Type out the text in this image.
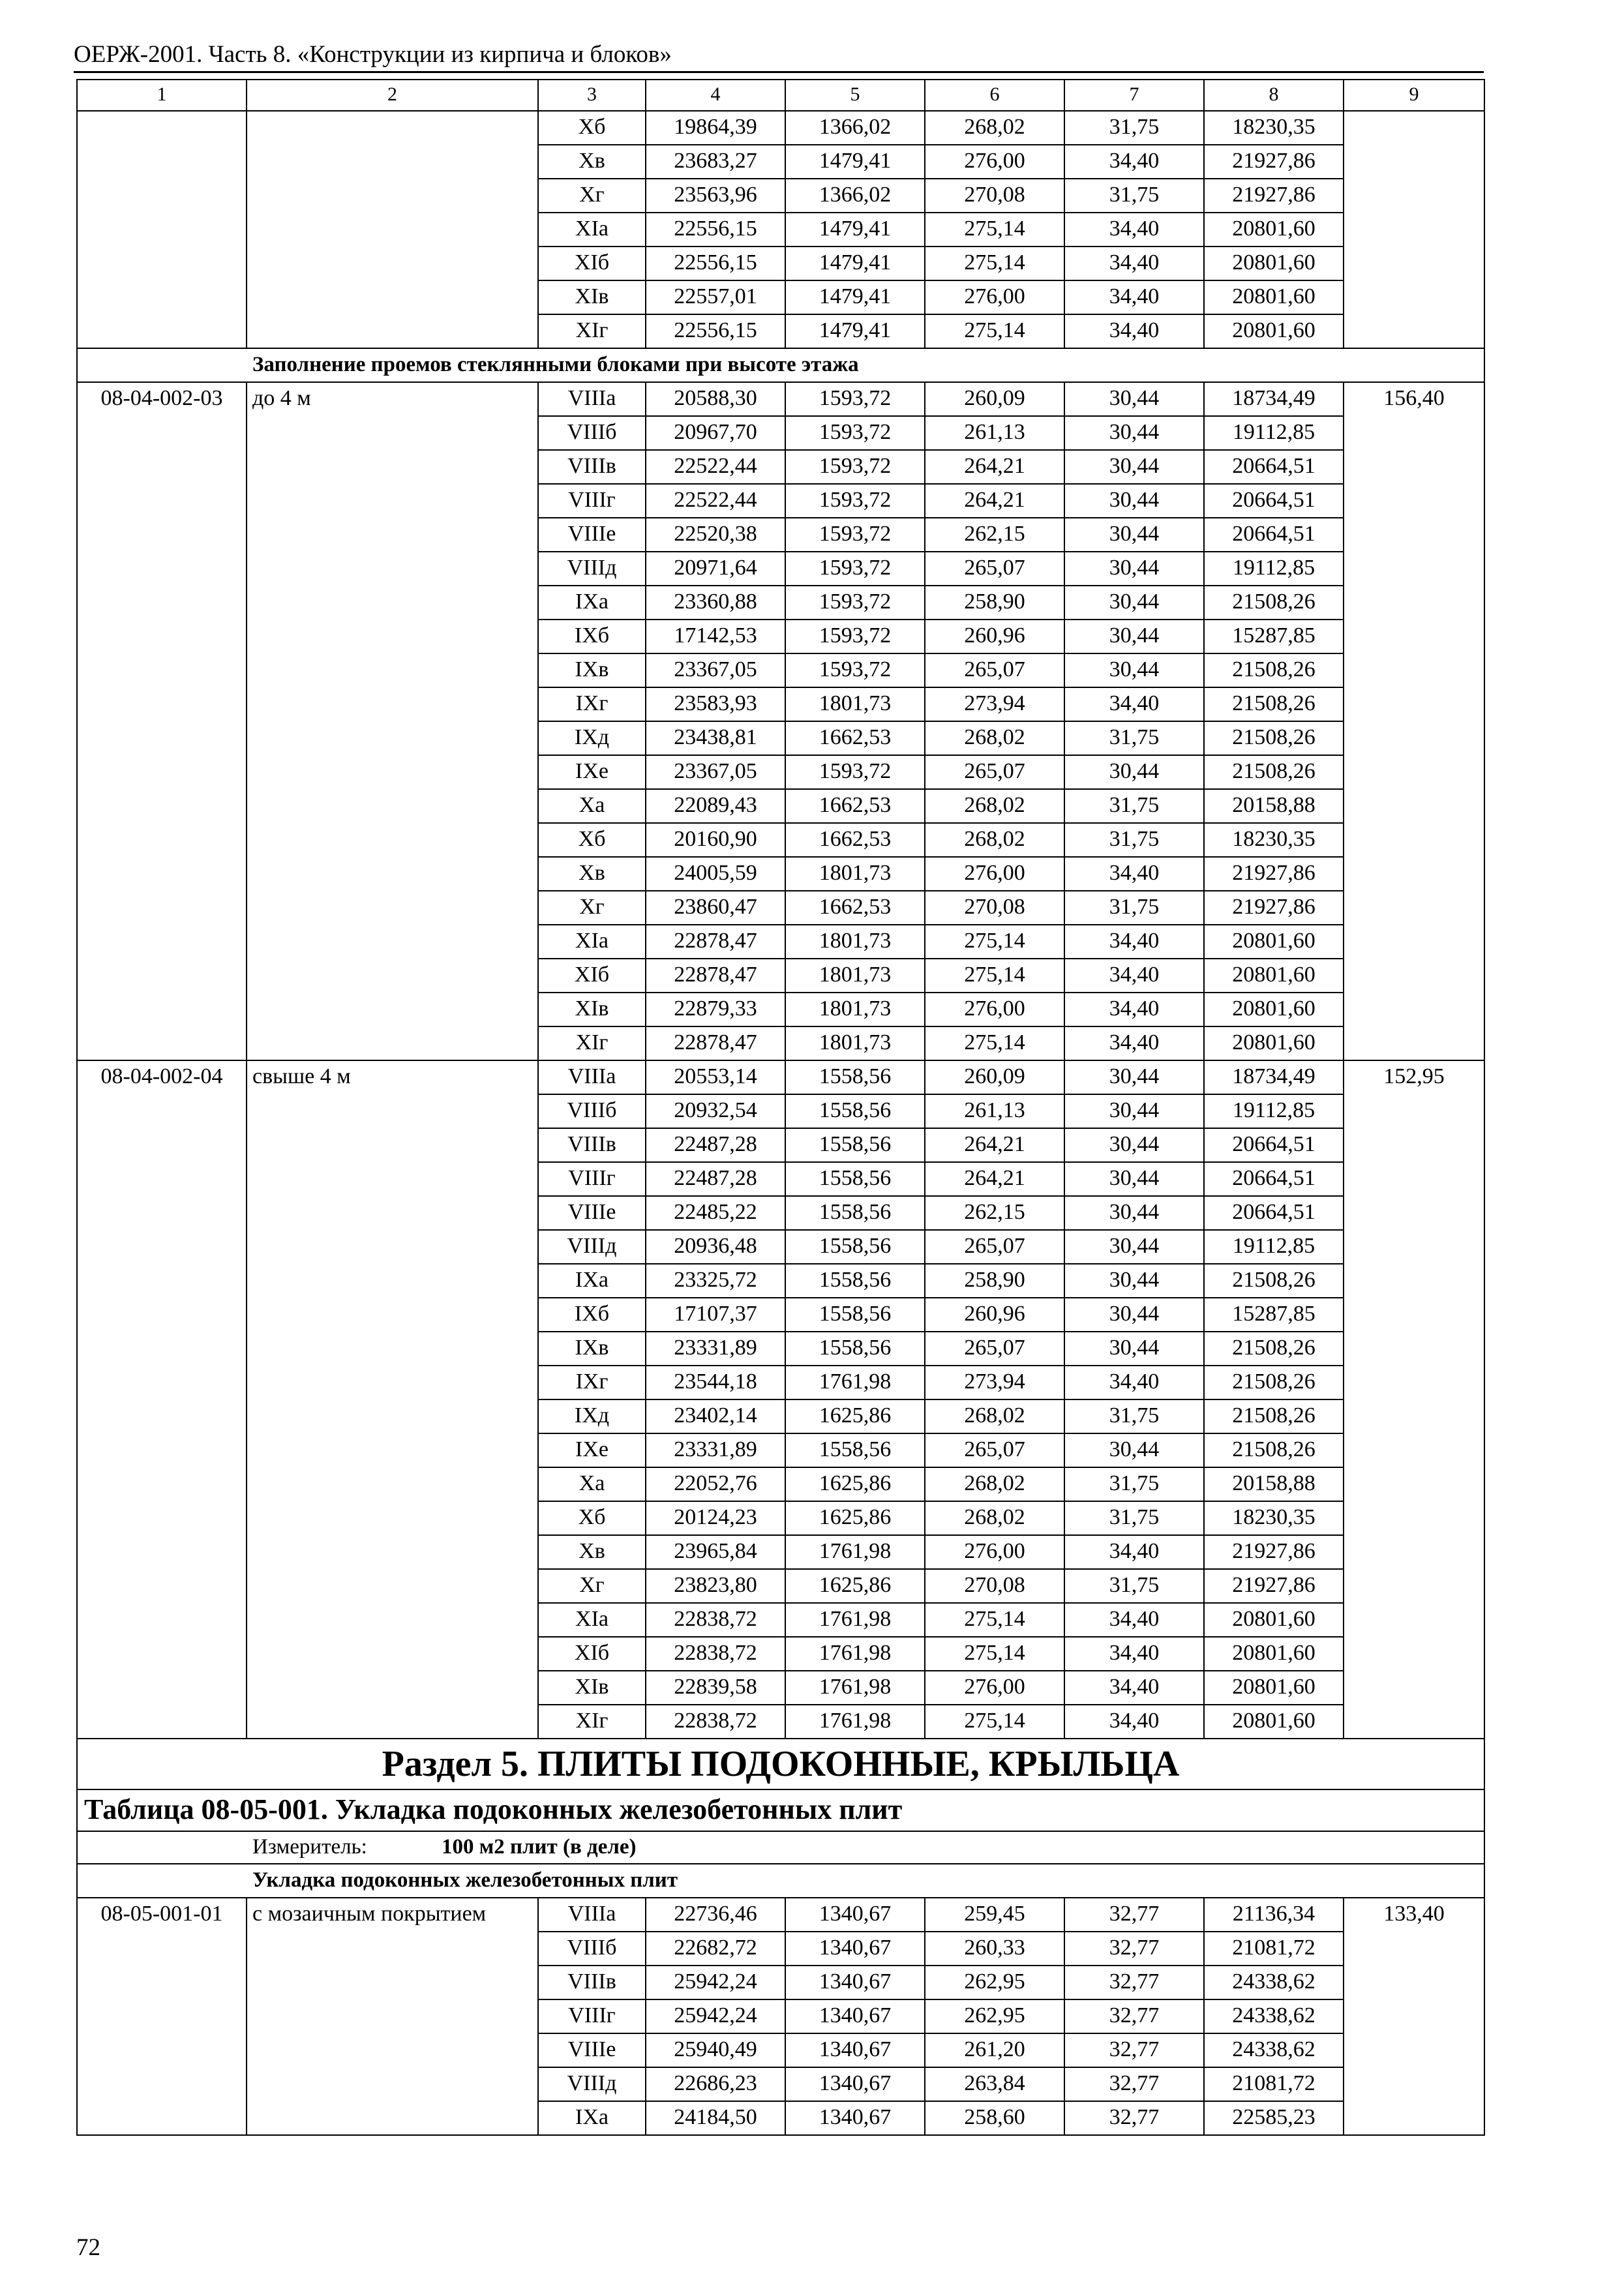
ОЕРЖ-2001. Часть 8. «Конструкции из кирпича и блоков»
1	2	3	4	5	6	7	8	9
		Xб	19864,39	1366,02	268,02	31,75	18230,35	
		Xв	23683,27	1479,41	276,00	34,40	21927,86	
		Xг	23563,96	1366,02	270,08	31,75	21927,86	
		XIа	22556,15	1479,41	275,14	34,40	20801,60	
		XIб	22556,15	1479,41	275,14	34,40	20801,60	
		XIв	22557,01	1479,41	276,00	34,40	20801,60	
		XIг	22556,15	1479,41	275,14	34,40	20801,60	
Заполнение проемов стеклянными блоками при высоте этажа								
08-04-002-03	до 4 м	VIIIа	20588,30	1593,72	260,09	30,44	18734,49	156,40
		VIIIб	20967,70	1593,72	261,13	30,44	19112,85	
		VIIIв	22522,44	1593,72	264,21	30,44	20664,51	
		VIIIг	22522,44	1593,72	264,21	30,44	20664,51	
		VIIIе	22520,38	1593,72	262,15	30,44	20664,51	
		VIIIд	20971,64	1593,72	265,07	30,44	19112,85	
		IXа	23360,88	1593,72	258,90	30,44	21508,26	
		IXб	17142,53	1593,72	260,96	30,44	15287,85	
		IXв	23367,05	1593,72	265,07	30,44	21508,26	
		IXг	23583,93	1801,73	273,94	34,40	21508,26	
		IXд	23438,81	1662,53	268,02	31,75	21508,26	
		IXе	23367,05	1593,72	265,07	30,44	21508,26	
		Xа	22089,43	1662,53	268,02	31,75	20158,88	
		Xб	20160,90	1662,53	268,02	31,75	18230,35	
		Xв	24005,59	1801,73	276,00	34,40	21927,86	
		Xг	23860,47	1662,53	270,08	31,75	21927,86	
		XIа	22878,47	1801,73	275,14	34,40	20801,60	
		XIб	22878,47	1801,73	275,14	34,40	20801,60	
		XIв	22879,33	1801,73	276,00	34,40	20801,60	
		XIг	22878,47	1801,73	275,14	34,40	20801,60	
08-04-002-04	свыше 4 м	VIIIа	20553,14	1558,56	260,09	30,44	18734,49	152,95
		VIIIб	20932,54	1558,56	261,13	30,44	19112,85	
		VIIIв	22487,28	1558,56	264,21	30,44	20664,51	
		VIIIг	22487,28	1558,56	264,21	30,44	20664,51	
		VIIIе	22485,22	1558,56	262,15	30,44	20664,51	
		VIIIд	20936,48	1558,56	265,07	30,44	19112,85	
		IXа	23325,72	1558,56	258,90	30,44	21508,26	
		IXб	17107,37	1558,56	260,96	30,44	15287,85	
		IXв	23331,89	1558,56	265,07	30,44	21508,26	
		IXг	23544,18	1761,98	273,94	34,40	21508,26	
		IXд	23402,14	1625,86	268,02	31,75	21508,26	
		IXе	23331,89	1558,56	265,07	30,44	21508,26	
		Xа	22052,76	1625,86	268,02	31,75	20158,88	
		Xб	20124,23	1625,86	268,02	31,75	18230,35	
		Xв	23965,84	1761,98	276,00	34,40	21927,86	
		Xг	23823,80	1625,86	270,08	31,75	21927,86	
		XIа	22838,72	1761,98	275,14	34,40	20801,60	
		XIб	22838,72	1761,98	275,14	34,40	20801,60	
		XIв	22839,58	1761,98	276,00	34,40	20801,60	
		XIг	22838,72	1761,98	275,14	34,40	20801,60	
Раздел 5. ПЛИТЫ ПОДОКОННЫЕ, КРЫЛЬЦА								
Таблица 08-05-001. Укладка подоконных железобетонных плит								
Измеритель: 100 м2 плит (в деле)								
Укладка подоконных железобетонных плит								
08-05-001-01	с мозаичным покрытием	VIIIа	22736,46	1340,67	259,45	32,77	21136,34	133,40
		VIIIб	22682,72	1340,67	260,33	32,77	21081,72	
		VIIIв	25942,24	1340,67	262,95	32,77	24338,62	
		VIIIг	25942,24	1340,67	262,95	32,77	24338,62	
		VIIIе	25940,49	1340,67	261,20	32,77	24338,62	
		VIIIд	22686,23	1340,67	263,84	32,77	21081,72	
		IXа	24184,50	1340,67	258,60	32,77	22585,23	
72
